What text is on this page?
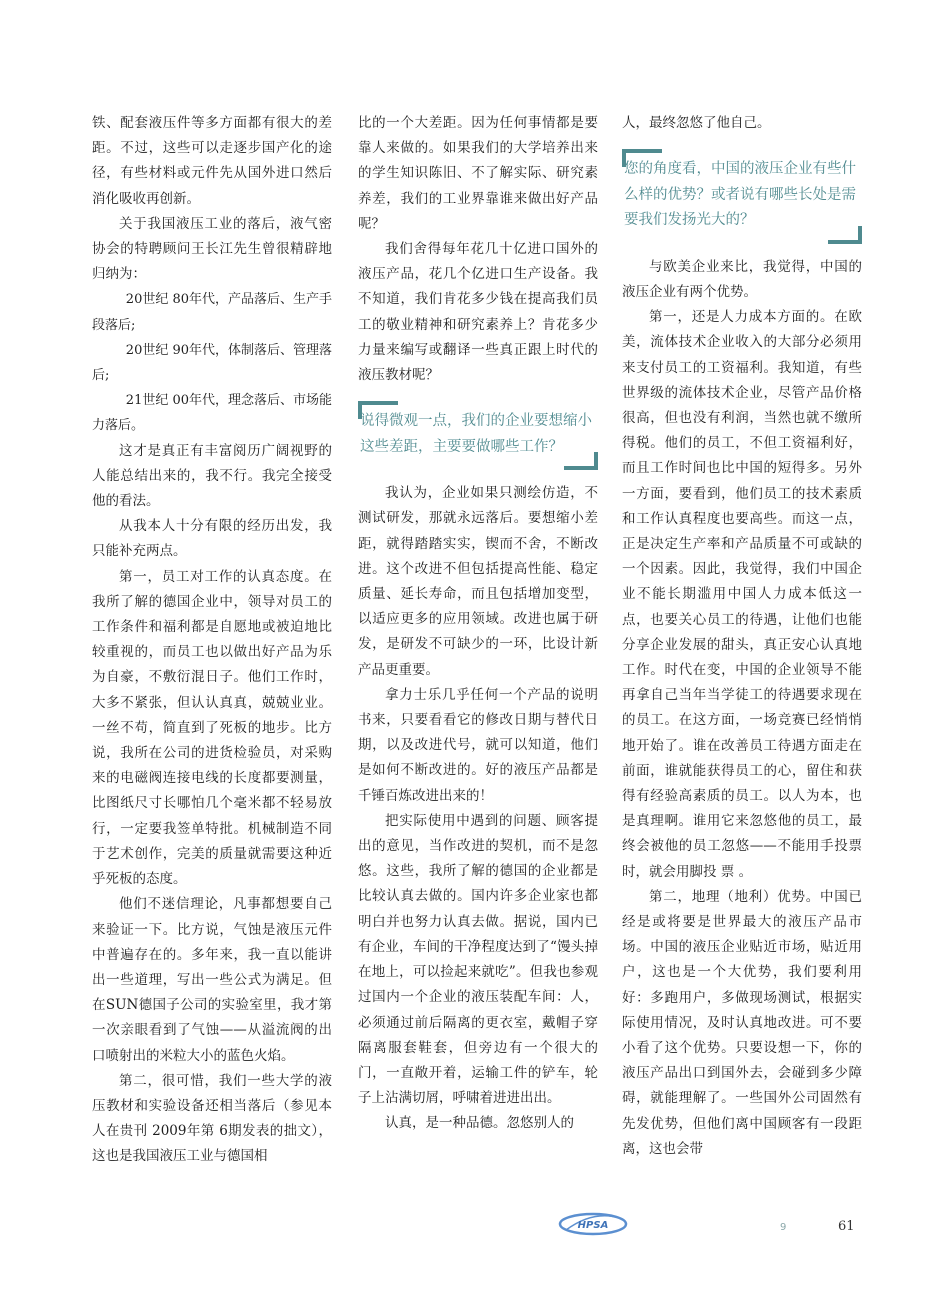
铁、配套液压件等多方面都有很大的差距。不过，这些可以走逐步国产化的途径，有些材料或元件先从国外进口然后消化吸收再创新。

关于我国液压工业的落后，液气密协会的特聘顾问王长江先生曾很精辟地归纳为：

20世纪 80年代，产品落后、生产手段落后;

20世纪 90年代，体制落后、管理落后;

21世纪 00年代，理念落后、市场能力落后。

这才是真正有丰富阅历广阔视野的人能总结出来的，我不行。我完全接受他的看法。

从我本人十分有限的经历出发，我只能补充两点。

第一，员工对工作的认真态度。在我所了解的德国企业中，领导对员工的工作条件和福利都是自愿地或被迫地比较重视的，而员工也以做出好产品为乐为自豪，不敷衍混日子。他们工作时，大多不紧张，但认认真真，兢兢业业。一丝不苟，简直到了死板的地步。比方说，我所在公司的进货检验员，对采购来的电磁阀连接电线的长度都要测量，比图纸尺寸长哪怕几个毫米都不轻易放行，一定要我签单特批。机械制造不同于艺术创作，完美的质量就需要这种近乎死板的态度。

他们不迷信理论，凡事都想要自己来验证一下。比方说，气蚀是液压元件中普遍存在的。多年来，我一直以能讲出一些道理，写出一些公式为满足。但在SUN德国子公司的实验室里，我才第一次亲眼看到了气蚀——从溢流阀的出口喷射出的米粒大小的蓝色火焰。

第二，很可惜，我们一些大学的液压教材和实验设备还相当落后（参见本人在贵刊 2009年第 6期发表的拙文），这也是我国液压工业与德国相

比的一个大差距。因为任何事情都是要靠人来做的。如果我们的大学培养出来的学生知识陈旧、不了解实际、研究素养差，我们的工业界靠谁来做出好产品呢？

我们舍得每年花几十亿进口国外的液压产品，花几个亿进口生产设备。我不知道，我们肯花多少钱在提高我们员工的敬业精神和研究素养上？肯花多少力量来编写或翻译一些真正跟上时代的液压教材呢？

说得微观一点，我们的企业要想缩小这些差距，主要要做哪些工作？

我认为，企业如果只测绘仿造，不测试研发，那就永远落后。要想缩小差距，就得踏踏实实，锲而不舍，不断改进。这个改进不但包括提高性能、稳定质量、延长寿命，而且包括增加变型，以适应更多的应用领域。改进也属于研发，是研发不可缺少的一环，比设计新产品更重要。

拿力士乐几乎任何一个产品的说明书来，只要看看它的修改日期与替代日期，以及改进代号，就可以知道，他们是如何不断改进的。好的液压产品都是千锤百炼改进出来的！

把实际使用中遇到的问题、顾客提出的意见，当作改进的契机，而不是忽悠。这些，我所了解的德国的企业都是比较认真去做的。国内许多企业家也都明白并也努力认真去做。据说，国内已有企业，车间的干净程度达到了“馒头掉在地上，可以捡起来就吃”。但我也参观过国内一个企业的液压装配车间：人，必须通过前后隔离的更衣室，戴帽子穿隔离服套鞋套，但旁边有一个很大的门，一直敞开着，运输工件的铲车，轮子上沾满切屑，呼啸着进进出出。

认真，是一种品德。忽悠别人的

人，最终忽悠了他自己。

您的角度看，中国的液压企业有些什么样的优势？或者说有哪些长处是需要我们发扬光大的？

与欧美企业来比，我觉得，中国的液压企业有两个优势。

第一，还是人力成本方面的。在欧美，流体技术企业收入的大部分必须用来支付员工的工资福利。我知道，有些世界级的流体技术企业，尽管产品价格很高，但也没有利润，当然也就不缴所得税。他们的员工，不但工资福利好，而且工作时间也比中国的短得多。另外一方面，要看到，他们员工的技术素质和工作认真程度也要高些。而这一点，正是决定生产率和产品质量不可或缺的一个因素。因此，我觉得，我们中国企业不能长期滥用中国人力成本低这一点，也要关心员工的待遇，让他们也能分享企业发展的甜头，真正安心认真地工作。时代在变，中国的企业领导不能再拿自己当年当学徒工的待遇要求现在的员工。在这方面，一场竞赛已经悄悄地开始了。谁在改善员工待遇方面走在前面，谁就能获得员工的心，留住和获得有经验高素质的员工。以人为本，也是真理啊。谁用它来忽悠他的员工，最终会被他的员工忽悠——不能用手投票时，就会用脚投 票 。

第二，地理（地利）优势。中国已经是或将要是世界最大的液压产品市场。中国的液压企业贴近市场，贴近用户，这也是一个大优势，我们要利用好：多跑用户，多做现场测试，根据实际使用情况，及时认真地改进。可不要小看了这个优势。只要设想一下，你的液压产品出口到国外去，会碰到多少障碍，就能理解了。一些国外公司固然有先发优势，但他们离中国顾客有一段距离，这也会带

HPSA	9	61
